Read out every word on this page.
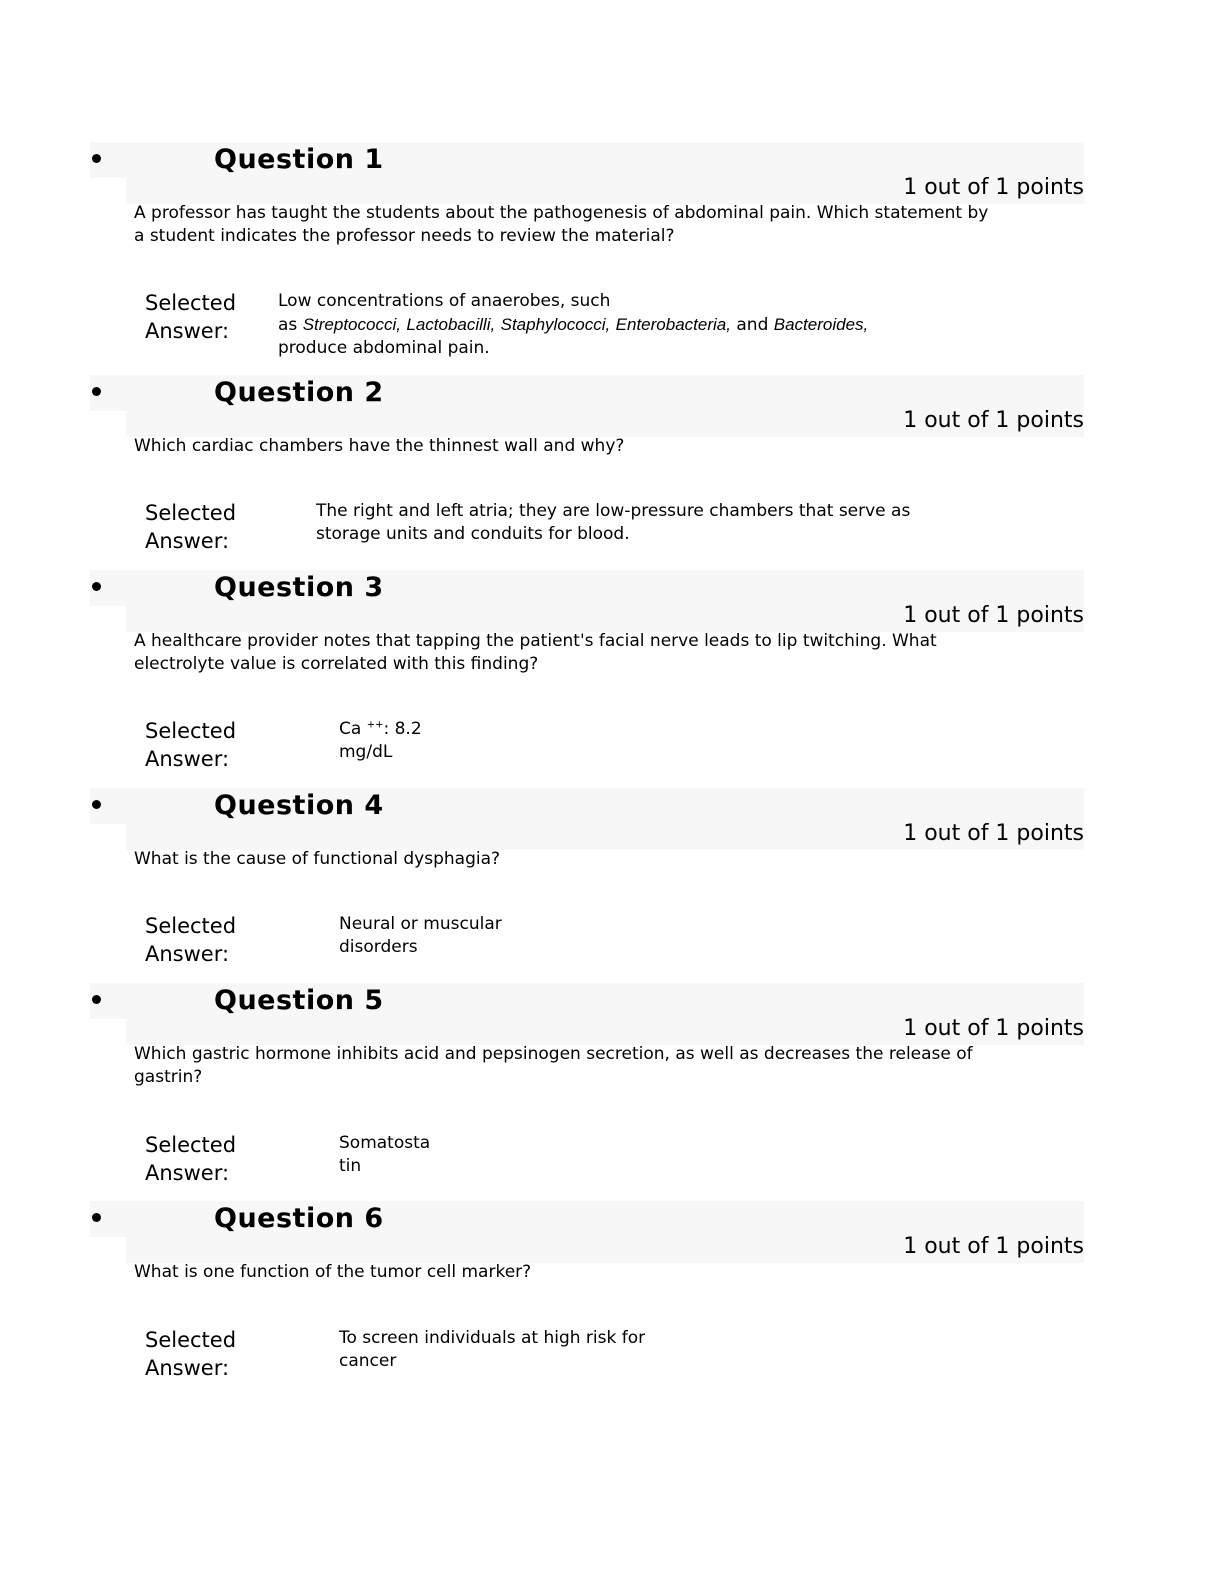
Question 1
1 out of 1 points
A professor has taught the students about the pathogenesis of abdominal pain. Which statement by a student indicates the professor needs to review the material?
Selected
Answer:
Low concentrations of anaerobes, such
as Streptococci, Lactobacilli, Staphylococci, Enterobacteria, and Bacteroides,
produce abdominal pain.
Question 2
1 out of 1 points
Which cardiac chambers have the thinnest wall and why?
Selected
Answer:
The right and left atria; they are low-pressure chambers that serve as
storage units and conduits for blood.
Question 3
1 out of 1 points
A healthcare provider notes that tapping the patient's facial nerve leads to lip twitching. What electrolyte value is correlated with this finding?
Selected
Answer:
Ca ++: 8.2
mg/dL
Question 4
1 out of 1 points
What is the cause of functional dysphagia?
Selected
Answer:
Neural or muscular
disorders
Question 5
1 out of 1 points
Which gastric hormone inhibits acid and pepsinogen secretion, as well as decreases the release of gastrin?
Selected
Answer:
Somatosta
tin
Question 6
1 out of 1 points
What is one function of the tumor cell marker?
Selected
Answer:
To screen individuals at high risk for
cancer
